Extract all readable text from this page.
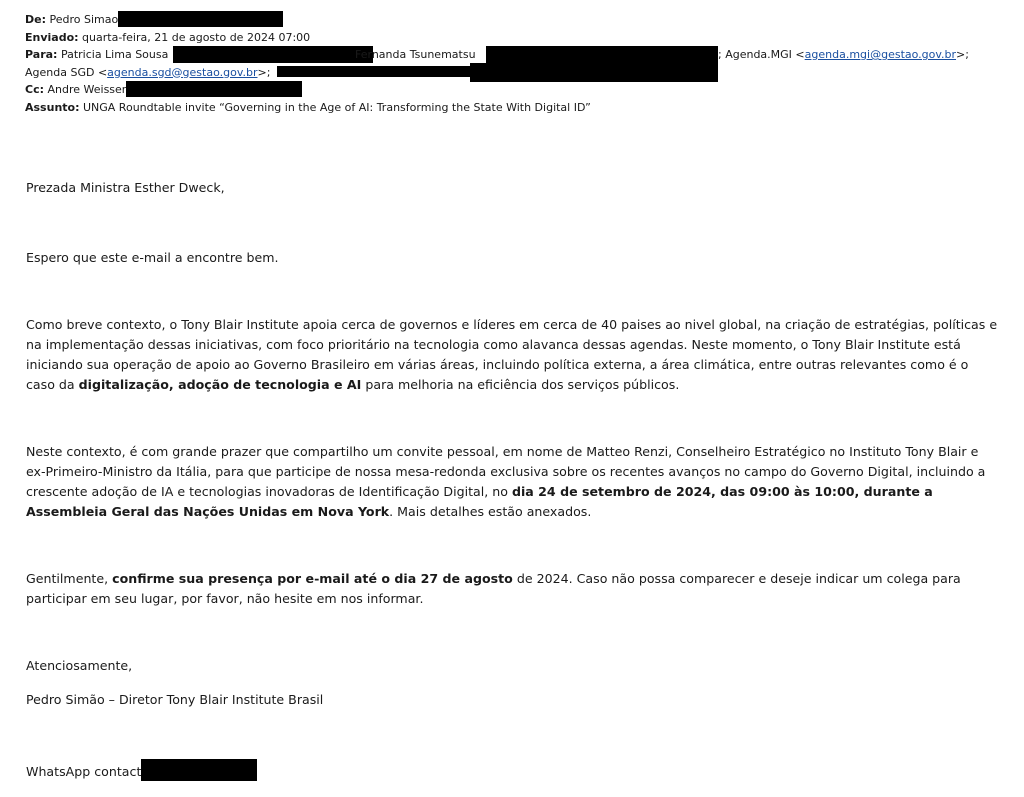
De: Pedro Simao
Enviado: quarta-feira, 21 de agosto de 2024 07:00
Para: Patricia Lima Sousa	Fernanda Tsunematsu	; Agenda.MGI <agenda.mgi@gestao.gov.br>;
Agenda SGD <agenda.sgd@gestao.gov.br>;
Cc: Andre Weisser
Assunto: UNGA Roundtable invite “Governing in the Age of AI: Transforming the State With Digital ID”

Prezada Ministra Esther Dweck,

Espero que este e-mail a encontre bem.

Como breve contexto, o Tony Blair Institute apoia cerca de governos e líderes em cerca de 40 paises ao nivel global, na criação de estratégias, políticas e na implementação dessas iniciativas, com foco prioritário na tecnologia como alavanca dessas agendas. Neste momento, o Tony Blair Institute está iniciando sua operação de apoio ao Governo Brasileiro em várias áreas, incluindo política externa, a área climática, entre outras relevantes como é o caso da digitalização, adoção de tecnologia e AI para melhoria na eficiência dos serviços públicos.

Neste contexto, é com grande prazer que compartilho um convite pessoal, em nome de Matteo Renzi, Conselheiro Estratégico no Instituto Tony Blair e ex-Primeiro-Ministro da Itália, para que participe de nossa mesa-redonda exclusiva sobre os recentes avanços no campo do Governo Digital, incluindo a crescente adoção de IA e tecnologias inovadoras de Identificação Digital, no dia 24 de setembro de 2024, das 09:00 às 10:00, durante a Assembleia Geral das Nações Unidas em Nova York. Mais detalhes estão anexados.

Gentilmente, confirme sua presença por e-mail até o dia 27 de agosto de 2024. Caso não possa comparecer e deseje indicar um colega para participar em seu lugar, por favor, não hesite em nos informar.

Atenciosamente,

Pedro Simão – Diretor Tony Blair Institute Brasil

WhatsApp contact
